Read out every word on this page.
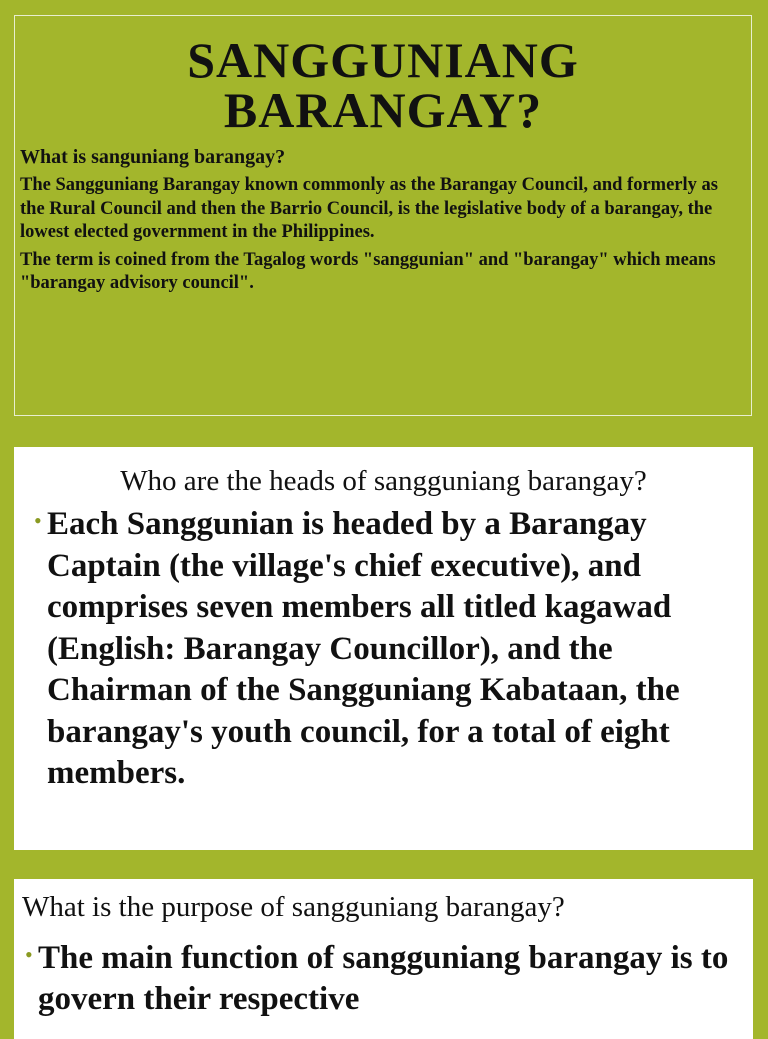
SANGGUNIANG
BARANGAY?
What is sanguniang barangay?

The Sangguniang Barangay known commonly as the Barangay Council, and formerly as the Rural Council and then the Barrio Council, is the legislative body of a barangay, the lowest elected government in the Philippines.

The term is coined from the Tagalog words "sanggunian" and "barangay" which means "barangay advisory council".

Who are the heads of sangguniang barangay?
• Each Sanggunian is headed by a Barangay Captain (the village's chief executive), and comprises seven members all titled kagawad (English: Barangay Councillor), and the Chairman of the Sangguniang Kabataan, the barangay's youth council, for a total of eight members.
What is the purpose of sangguniang barangay?
• The main function of sangguniang barangay is to govern their respective
